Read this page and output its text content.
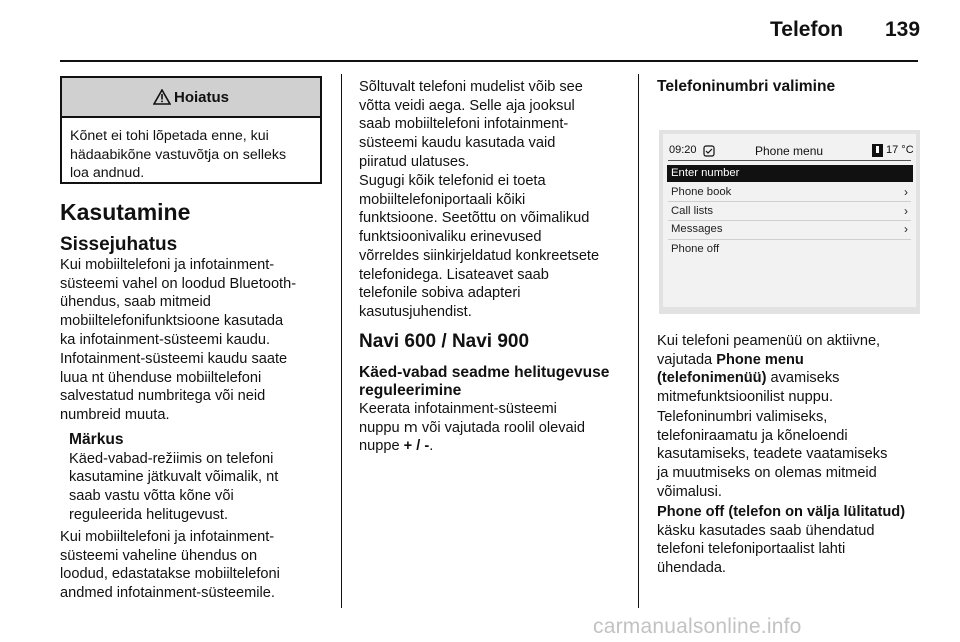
Telefon 139
Hoiatus
Kõnet ei tohi lõpetada enne, kui
hädaabikõne vastuvõtja on selleks
loa andnud.
Kasutamine
Sissejuhatus
Kui mobiiltelefoni ja infotainment-
süsteemi vahel on loodud Bluetooth-
ühendus, saab mitmeid
mobiiltelefonifunktsioone kasutada
ka infotainment-süsteemi kaudu.
Infotainment-süsteemi kaudu saate
luua nt ühenduse mobiiltelefoni
salvestatud numbritega või neid
numbreid muuta.
Märkus
Käed-vabad-režiimis on telefoni
kasutamine jätkuvalt võimalik, nt
saab vastu võtta kõne või
reguleerida helitugevust.
Kui mobiiltelefoni ja infotainment-
süsteemi vaheline ühendus on
loodud, edastatakse mobiiltelefoni
andmed infotainment-süsteemile.
Sõltuvalt telefoni mudelist võib see
võtta veidi aega. Selle aja jooksul
saab mobiiltelefoni infotainment-
süsteemi kaudu kasutada vaid
piiratud ulatuses.
Sugugi kõik telefonid ei toeta
mobiiltelefoniportaali kõiki
funktsioone. Seetõttu on võimalikud
funktsioonivaliku erinevused
võrreldes siinkirjeldatud konkreetsete
telefonidega. Lisateavet saab
telefonile sobiva adapteri
kasutusjuhendist.
Navi 600 / Navi 900
Käed-vabad seadme helitugevuse
reguleerimine
Keerata infotainment-süsteemi
nuppu m või vajutada roolil olevaid
nuppe + / -.
Telefoninumbri valimine
09:20	Phone menu	17 °C
Enter number
Phone book	›
Call lists	›
Messages	›
Phone off
Kui telefoni peamenüü on aktiivne,
vajutada Phone menu
(telefonimenüü) avamiseks
mitmefunktsioonilist nuppu.
Telefoninumbri valimiseks,
telefoniraamatu ja kõneloendi
kasutamiseks, teadete vaatamiseks
ja muutmiseks on olemas mitmeid
võimalusi.
Phone off (telefon on välja lülitatud)
käsku kasutades saab ühendatud
telefoni telefoniportaalist lahti
ühendada.
carmanualsonline.info
